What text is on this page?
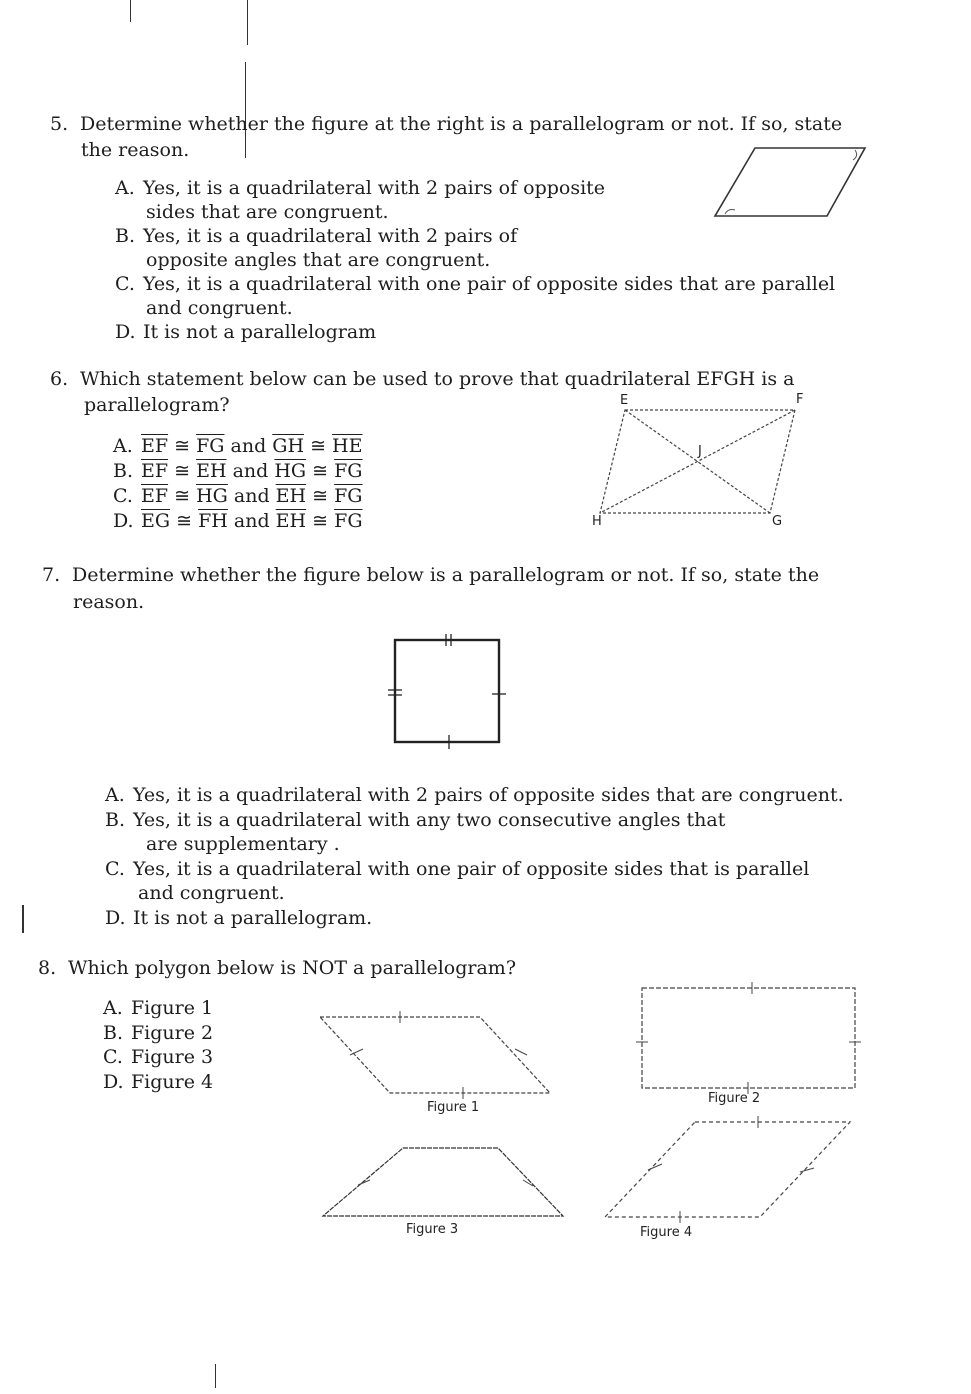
5. Determine whether the figure at the right is a parallelogram or not. If so, state
the reason.
A. Yes, it is a quadrilateral with 2 pairs of opposite
sides that are congruent.
B. Yes, it is a quadrilateral with 2 pairs of
opposite angles that are congruent.
C. Yes, it is a quadrilateral with one pair of opposite sides that are parallel
and congruent.
D. It is not a parallelogram
6. Which statement below can be used to prove that quadrilateral EFGH is a
parallelogram?
A. $\overline{EF}$ ≅ $\overline{FG}$ and $\overline{GH}$ ≅ $\overline{HE}$
B. $\overline{EF}$ ≅ $\overline{EH}$ and $\overline{HG}$ ≅ $\overline{FG}$
C. $\overline{EF}$ ≅ $\overline{HG}$ and $\overline{EH}$ ≅ $\overline{FG}$
D. $\overline{EG}$ ≅ $\overline{FH}$ and $\overline{EH}$ ≅ $\overline{FG}$
E	F
G
H
J
7. Determine whether the figure below is a parallelogram or not. If so, state the
reason.
A. Yes, it is a quadrilateral with 2 pairs of opposite sides that are congruent.
B. Yes, it is a quadrilateral with any two consecutive angles that
are supplementary .
C. Yes, it is a quadrilateral with one pair of opposite sides that is parallel
and congruent.
D. It is not a parallelogram.
8. Which polygon below is NOT a parallelogram?
A. Figure 1
B. Figure 2
C. Figure 3
D. Figure 4
Figure 1
Figure 2
Figure 3	Figure 4
